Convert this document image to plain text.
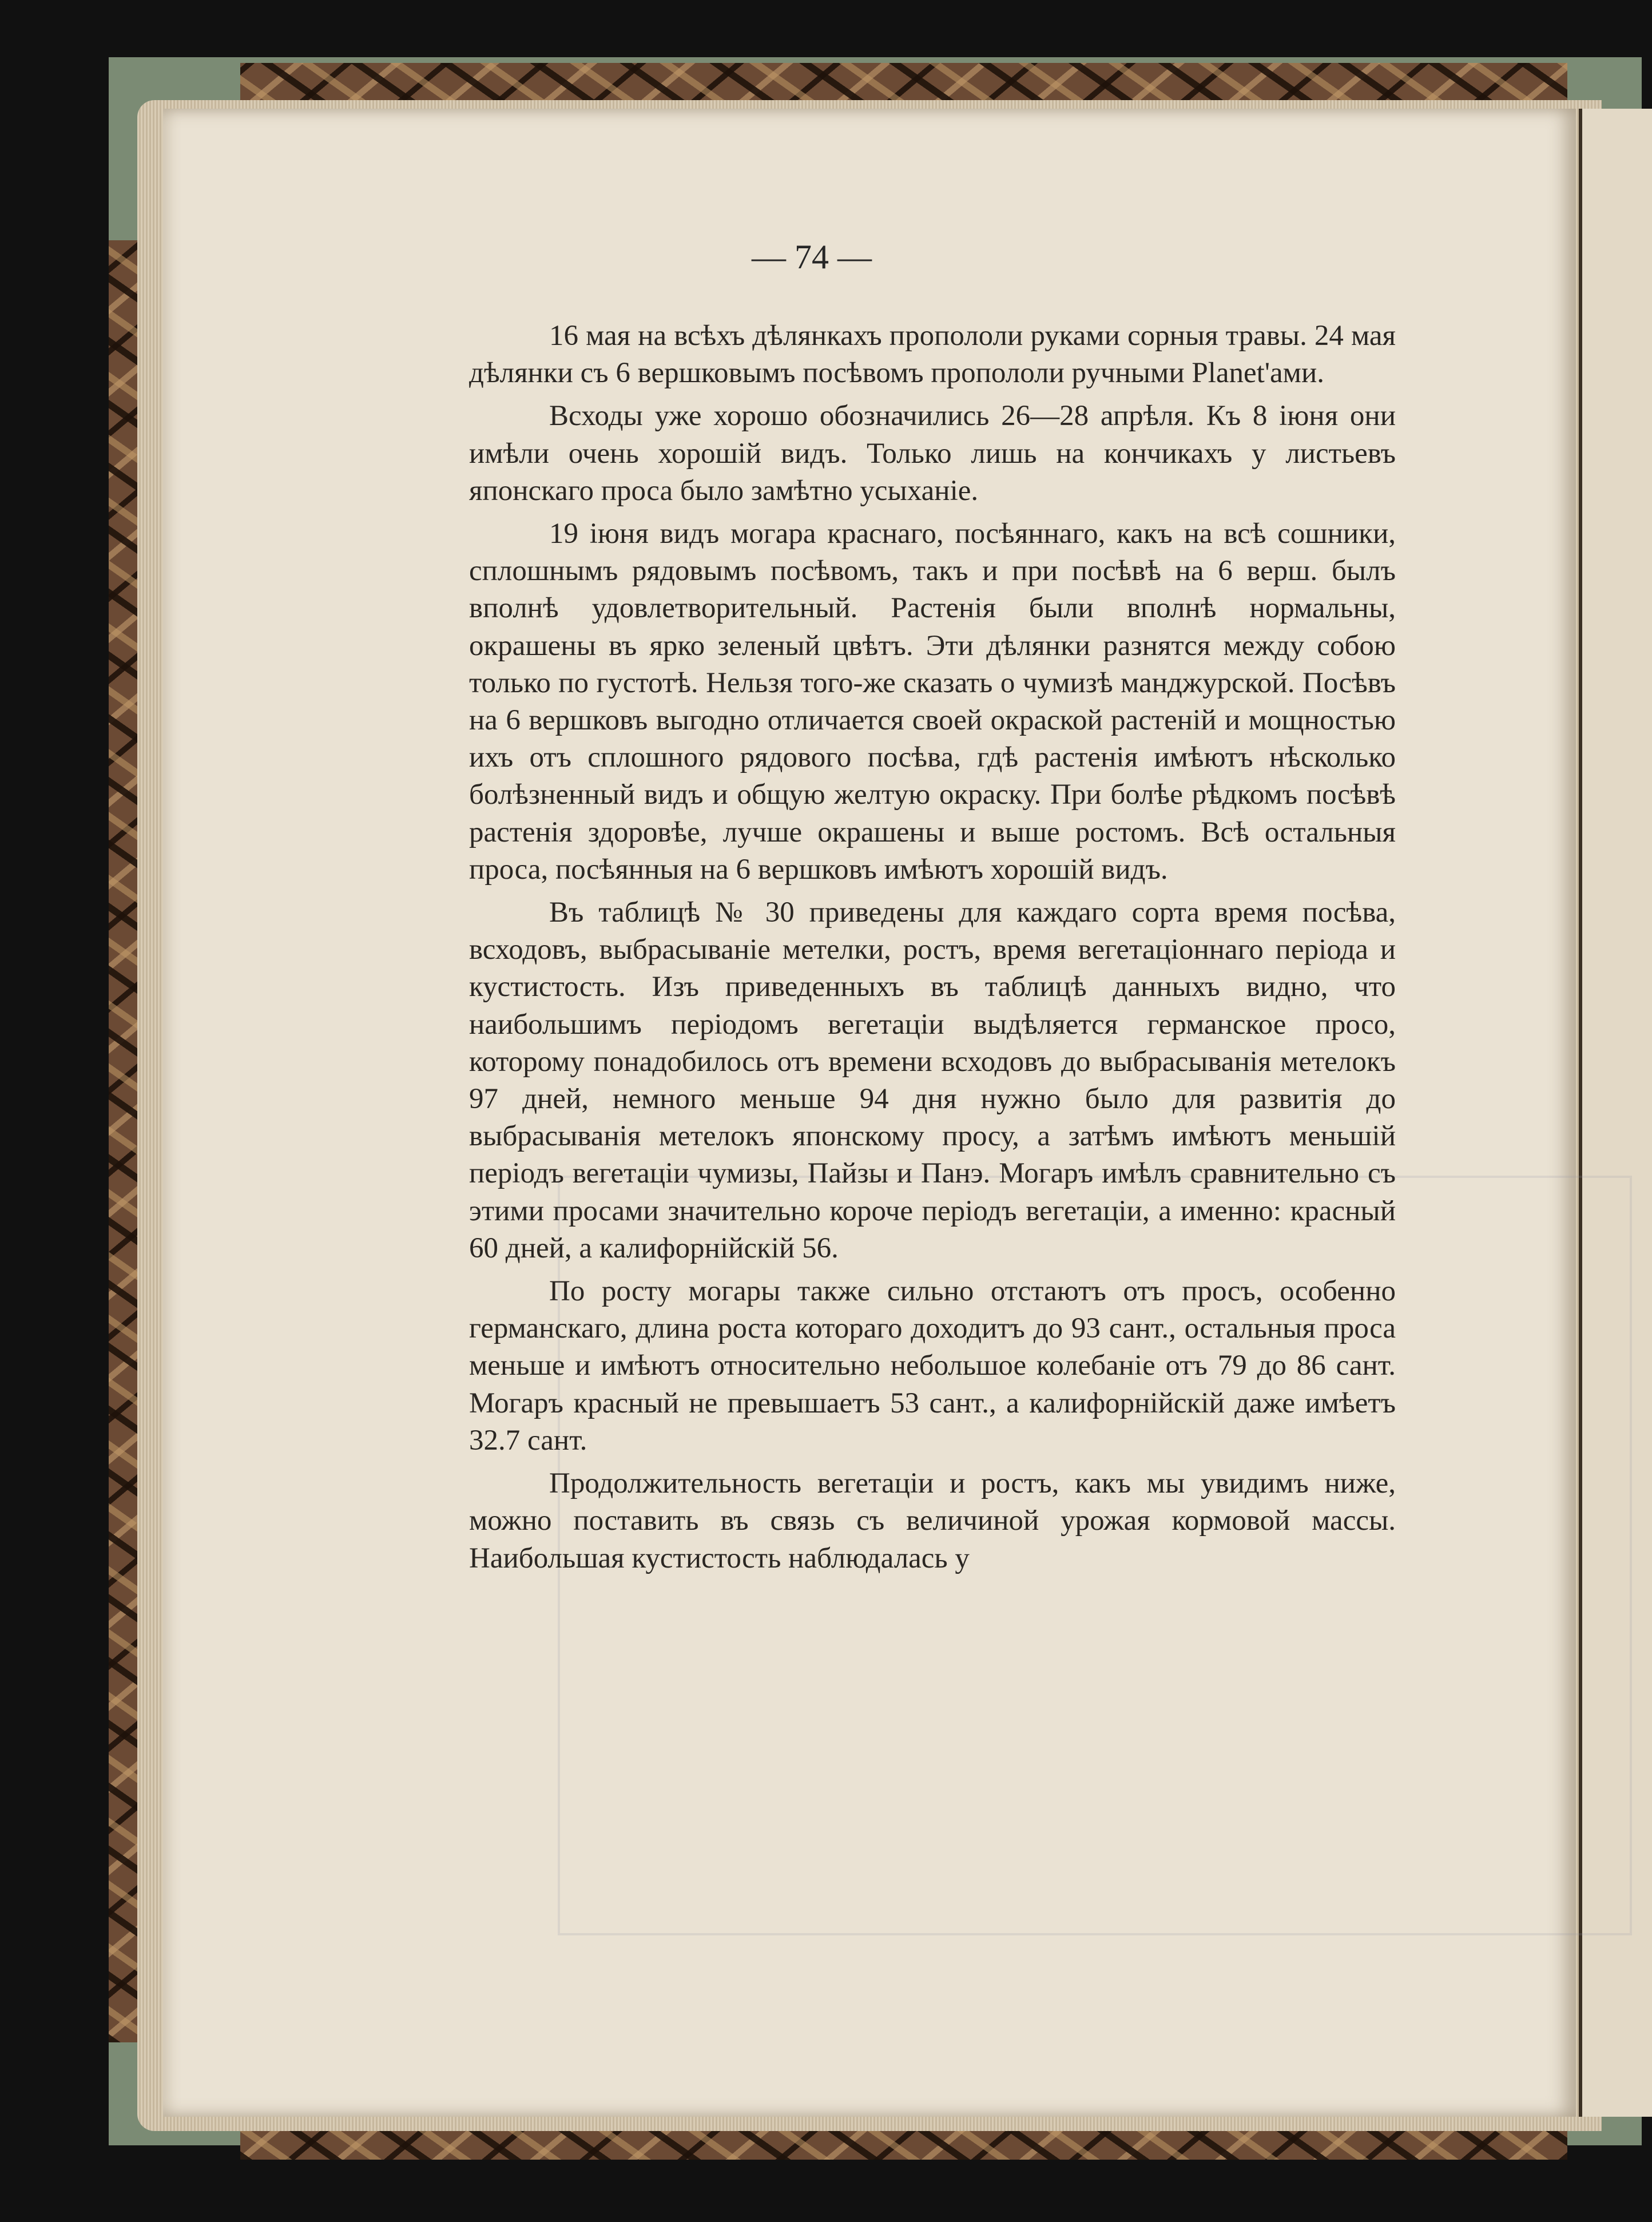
— 74 —

16 мая на всѣхъ дѣлянкахъ пропололи руками сорныя травы. 24 мая дѣлянки съ 6 вершковымъ посѣвомъ пропололи ручными Planet'ами.

Всходы уже хорошо обозначились 26—28 апрѣля. Къ 8 іюня они имѣли очень хорошій видъ. Только лишь на кончикахъ у листьевъ японскаго проса было замѣтно усыханіе.

19 іюня видъ могара краснаго, посѣяннаго, какъ на всѣ сошники, сплошнымъ рядовымъ посѣвомъ, такъ и при посѣвѣ на 6 верш. былъ вполнѣ удовлетворительный. Растенія были вполнѣ нормальны, окрашены въ ярко зеленый цвѣтъ. Эти дѣлянки разнятся между собою только по густотѣ. Нельзя того-же сказать о чумизѣ манджурской. Посѣвъ на 6 вершковъ выгодно отличается своей окраской растеній и мощностью ихъ отъ сплошного рядового посѣва, гдѣ растенія имѣютъ нѣсколько болѣзненный видъ и общую желтую окраску. При болѣе рѣдкомъ посѣвѣ растенія здоровѣе, лучше окрашены и выше ростомъ. Всѣ остальныя проса, посѣянныя на 6 вершковъ имѣютъ хорошій видъ.

Въ таблицѣ № 30 приведены для каждаго сорта время посѣва, всходовъ, выбрасываніе метелки, ростъ, время вегетаціоннаго періода и кустистость. Изъ приведенныхъ въ таблицѣ данныхъ видно, что наибольшимъ періодомъ вегетаціи выдѣляется германское просо, которому понадобилось отъ времени всходовъ до выбрасыванія метелокъ 97 дней, немного меньше 94 дня нужно было для развитія до выбрасыванія метелокъ японскому просу, а затѣмъ имѣютъ меньшій періодъ вегетаціи чумизы, Пайзы и Панэ. Могаръ имѣлъ сравнительно съ этими просами значительно короче періодъ вегетаціи, а именно: красный 60 дней, а калифорнійскій 56.

По росту могары также сильно отстаютъ отъ просъ, особенно германскаго, длина роста котораго доходитъ до 93 сант., остальныя проса меньше и имѣютъ относительно небольшое колебаніе отъ 79 до 86 сант. Могаръ красный не превышаетъ 53 сант., а калифорнійскій даже имѣетъ 32.7 сант.

Продолжительность вегетаціи и ростъ, какъ мы увидимъ ниже, можно поставить въ связь съ величиной урожая кормовой массы. Наибольшая кустистость наблюдалась у
